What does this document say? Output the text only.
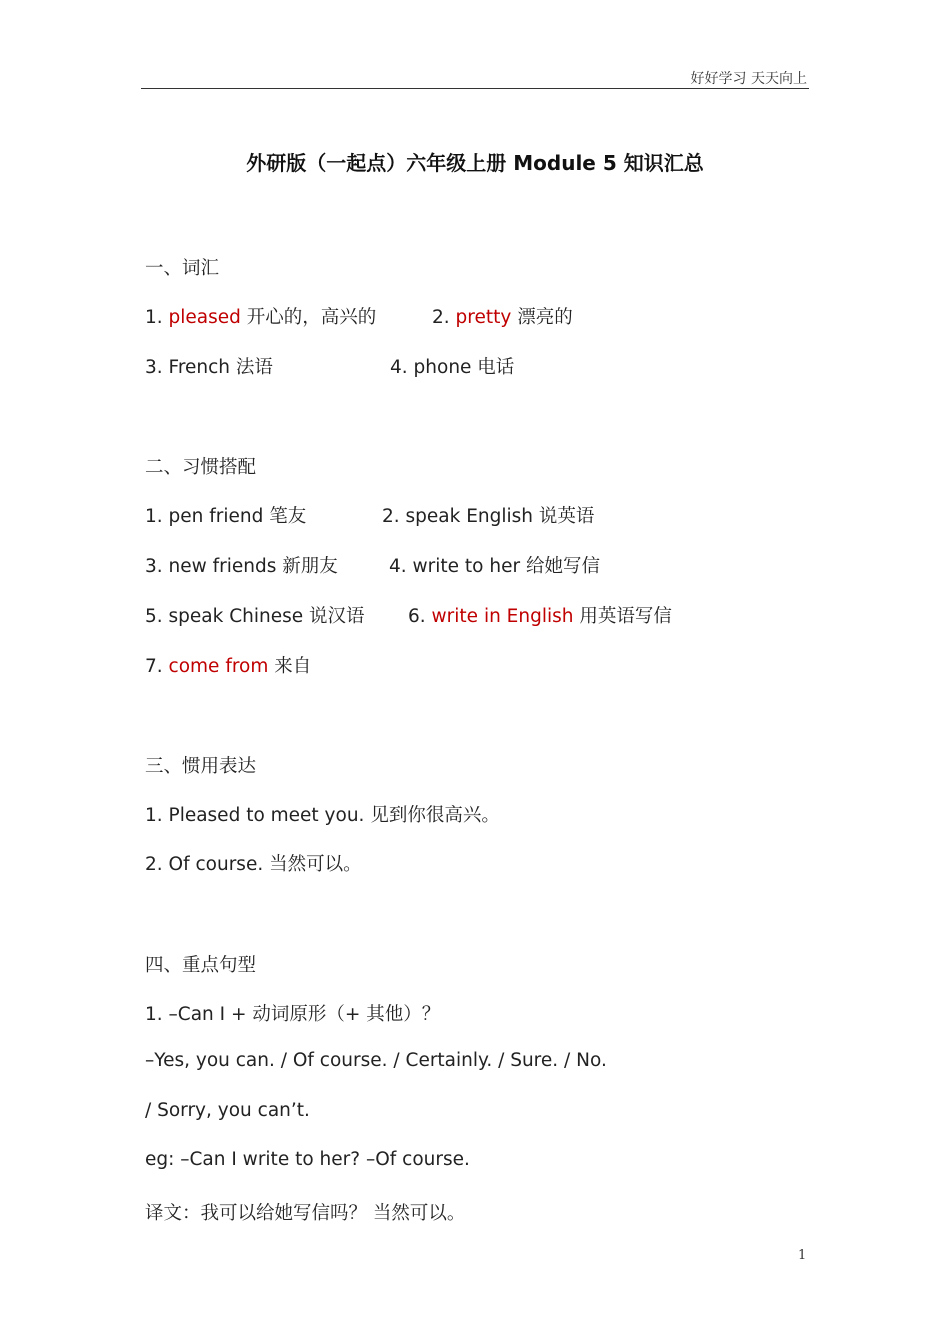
好好学习 天天向上
外研版（一起点）六年级上册 Module 5 知识汇总
一、词汇
1. pleased 开心的，高兴的	2. pretty 漂亮的
3. French 法语	4. phone 电话
二、习惯搭配
1. pen friend 笔友	2. speak English 说英语
3. new friends 新朋友	4. write to her 给她写信
5. speak Chinese 说汉语 6. write in English 用英语写信
7. come from 来自
三、惯用表达
1. Pleased to meet you. 见到你很高兴。
2. Of course. 当然可以。
四、重点句型
1. –Can I + 动词原形（+ 其他）？
–Yes, you can. / Of course. / Certainly. / Sure. / No.
/ Sorry, you can’t.
eg: –Can I write to her? –Of course.
译文：我可以给她写信吗？ 当然可以。
1
